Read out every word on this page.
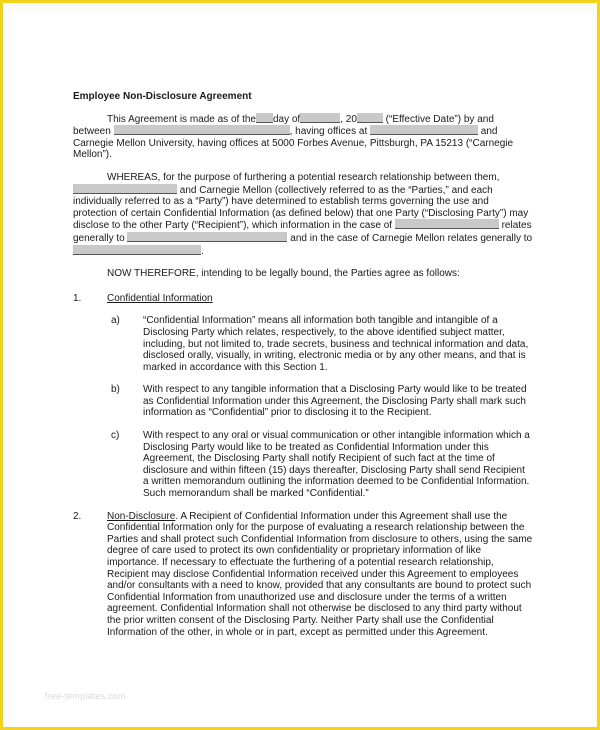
Employee Non-Disclosure Agreement

This Agreement is made as of the day of	, 20	(“Effective Date”) by and between	, having offices at	and Carnegie Mellon University, having offices at 5000 Forbes Avenue, Pittsburgh, PA 15213 (“Carnegie Mellon”).

WHEREAS, for the purpose of furthering a potential research relationship between them,  and Carnegie Mellon (collectively referred to as the “Parties,” and each individually referred to as a “Party”) have determined to establish terms governing the use and protection of certain Confidential Information (as defined below) that one Party (“Disclosing Party”) may disclose to the other Party (“Recipient”), which information in the case of	relates generally to	and in the case of Carnegie Mellon relates generally to .

NOW THEREFORE, intending to be legally bound, the Parties agree as follows:

1.	Confidential Information
a) “Confidential Information” means all information both tangible and intangible of a Disclosing Party which relates, respectively, to the above identified subject matter, including, but not limited to, trade secrets, business and technical information and data, disclosed orally, visually, in writing, electronic media or by any other means, and that is marked in accordance with this Section 1.
b) With respect to any tangible information that a Disclosing Party would like to be treated as Confidential Information under this Agreement, the Disclosing Party shall mark such information as “Confidential” prior to disclosing it to the Recipient.
c) With respect to any oral or visual communication or other intangible information which a Disclosing Party would like to be treated as Confidential Information under this Agreement, the Disclosing Party shall notify Recipient of such fact at the time of disclosure and within fifteen (15) days thereafter, Disclosing Party shall send Recipient a written memorandum outlining the information deemed to be Confidential Information. Such memorandum shall be marked “Confidential.”
2.	Non-Disclosure. A Recipient of Confidential Information under this Agreement shall use the Confidential Information only for the purpose of evaluating a research relationship between the Parties and shall protect such Confidential Information from disclosure to others, using the same degree of care used to protect its own confidentiality or proprietary information of like importance. If necessary to effectuate the furthering of a potential research relationship, Recipient may disclose Confidential Information received under this Agreement to employees and/or consultants with a need to know, provided that any consultants are bound to protect such Confidential Information from unauthorized use and disclosure under the terms of a written agreement. Confidential Information shall not otherwise be disclosed to any third party without the prior written consent of the Disclosing Party. Neither Party shall use the Confidential Information of the other, in whole or in part, except as permitted under this Agreement.
free-templates.com
